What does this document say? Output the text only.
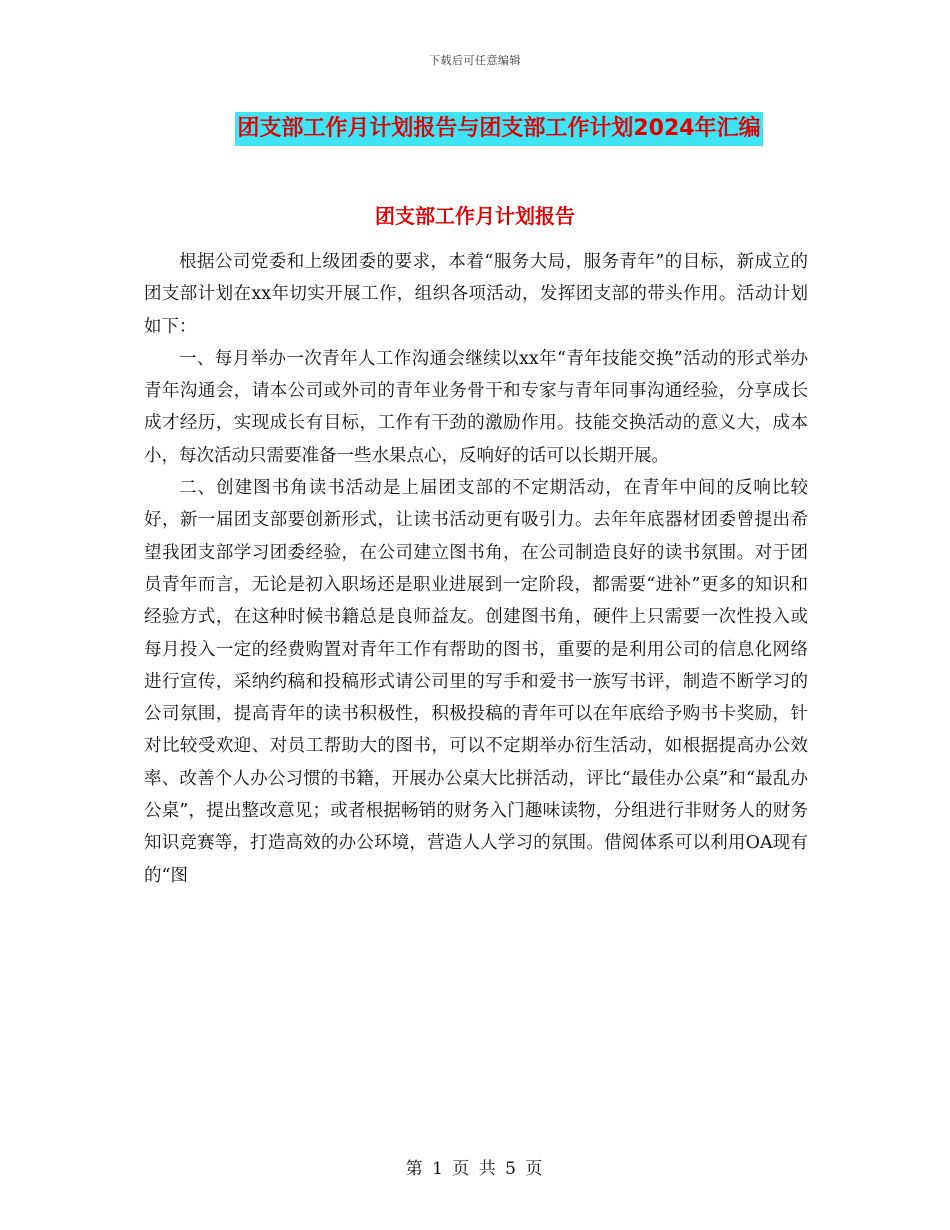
下载后可任意编辑
团支部工作月计划报告与团支部工作计划2024年汇编
团支部工作月计划报告

根据公司党委和上级团委的要求，本着“服务大局，服务青年”的目标，新成立的团支部计划在xx年切实开展工作，组织各项活动，发挥团支部的带头作用。活动计划如下：

一、每月举办一次青年人工作沟通会继续以xx年“青年技能交换”活动的形式举办青年沟通会，请本公司或外司的青年业务骨干和专家与青年同事沟通经验，分享成长成才经历，实现成长有目标，工作有干劲的激励作用。技能交换活动的意义大，成本小，每次活动只需要准备一些水果点心，反响好的话可以长期开展。

二、创建图书角读书活动是上届团支部的不定期活动，在青年中间的反响比较好，新一届团支部要创新形式，让读书活动更有吸引力。去年年底器材团委曾提出希望我团支部学习团委经验，在公司建立图书角，在公司制造良好的读书氛围。对于团员青年而言，无论是初入职场还是职业进展到一定阶段，都需要“进补”更多的知识和经验方式，在这种时候书籍总是良师益友。创建图书角，硬件上只需要一次性投入或每月投入一定的经费购置对青年工作有帮助的图书，重要的是利用公司的信息化网络进行宣传，采纳约稿和投稿形式请公司里的写手和爱书一族写书评，制造不断学习的公司氛围，提高青年的读书积极性，积极投稿的青年可以在年底给予购书卡奖励，针对比较受欢迎、对员工帮助大的图书，可以不定期举办衍生活动，如根据提高办公效率、改善个人办公习惯的书籍，开展办公桌大比拼活动，评比“最佳办公桌”和“最乱办公桌”，提出整改意见；或者根据畅销的财务入门趣味读物，分组进行非财务人的财务知识竞赛等，打造高效的办公环境，营造人人学习的氛围。借阅体系可以利用OA现有的“图

第 1 页 共 5 页
